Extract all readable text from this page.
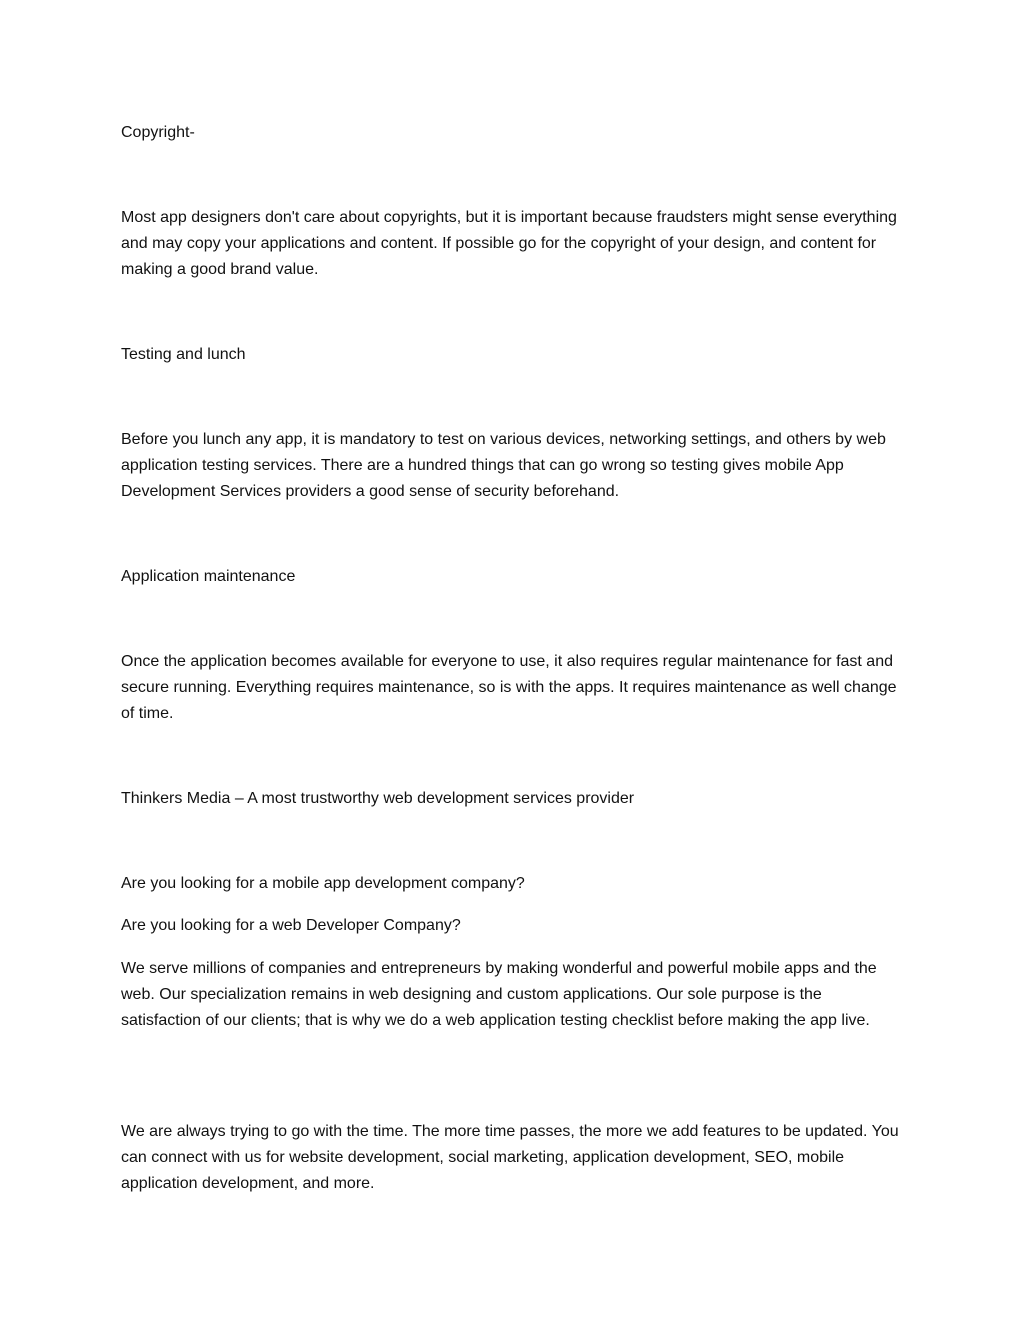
Copyright-

Most app designers don't care about copyrights, but it is important because fraudsters might sense everything and may copy your applications and content. If possible go for the copyright of your design, and content for making a good brand value.

Testing and lunch

Before you lunch any app, it is mandatory to test on various devices, networking settings, and others by web application testing services. There are a hundred things that can go wrong so testing gives mobile App Development Services providers a good sense of security beforehand.

Application maintenance

Once the application becomes available for everyone to use, it also requires regular maintenance for fast and secure running. Everything requires maintenance, so is with the apps. It requires maintenance as well change of time.

Thinkers Media – A most trustworthy web development services provider

Are you looking for a mobile app development company?

Are you looking for a web Developer Company?

We serve millions of companies and entrepreneurs by making wonderful and powerful mobile apps and the web. Our specialization remains in web designing and custom applications. Our sole purpose is the satisfaction of our clients; that is why we do a web application testing checklist before making the app live.

We are always trying to go with the time. The more time passes, the more we add features to be updated. You can connect with us for website development, social marketing, application development, SEO, mobile application development, and more.
